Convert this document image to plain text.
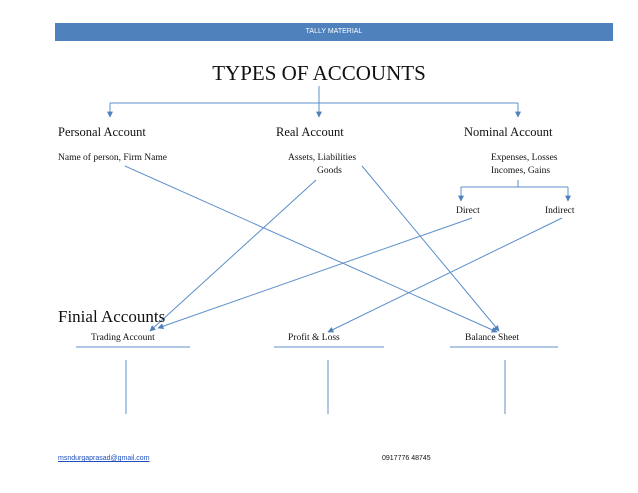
TALLY MATERIAL
TYPES OF ACCOUNTS
Personal Account	Real Account	Nominal Account
Name of person, Firm Name	Assets, Liabilities
Goods
Expenses, Losses
Incomes, Gains
Direct	Indirect
Finial Accounts
Trading Account	Profit & Loss	Balance Sheet
msndurgaprasad@gmail.com	0917776 48745
